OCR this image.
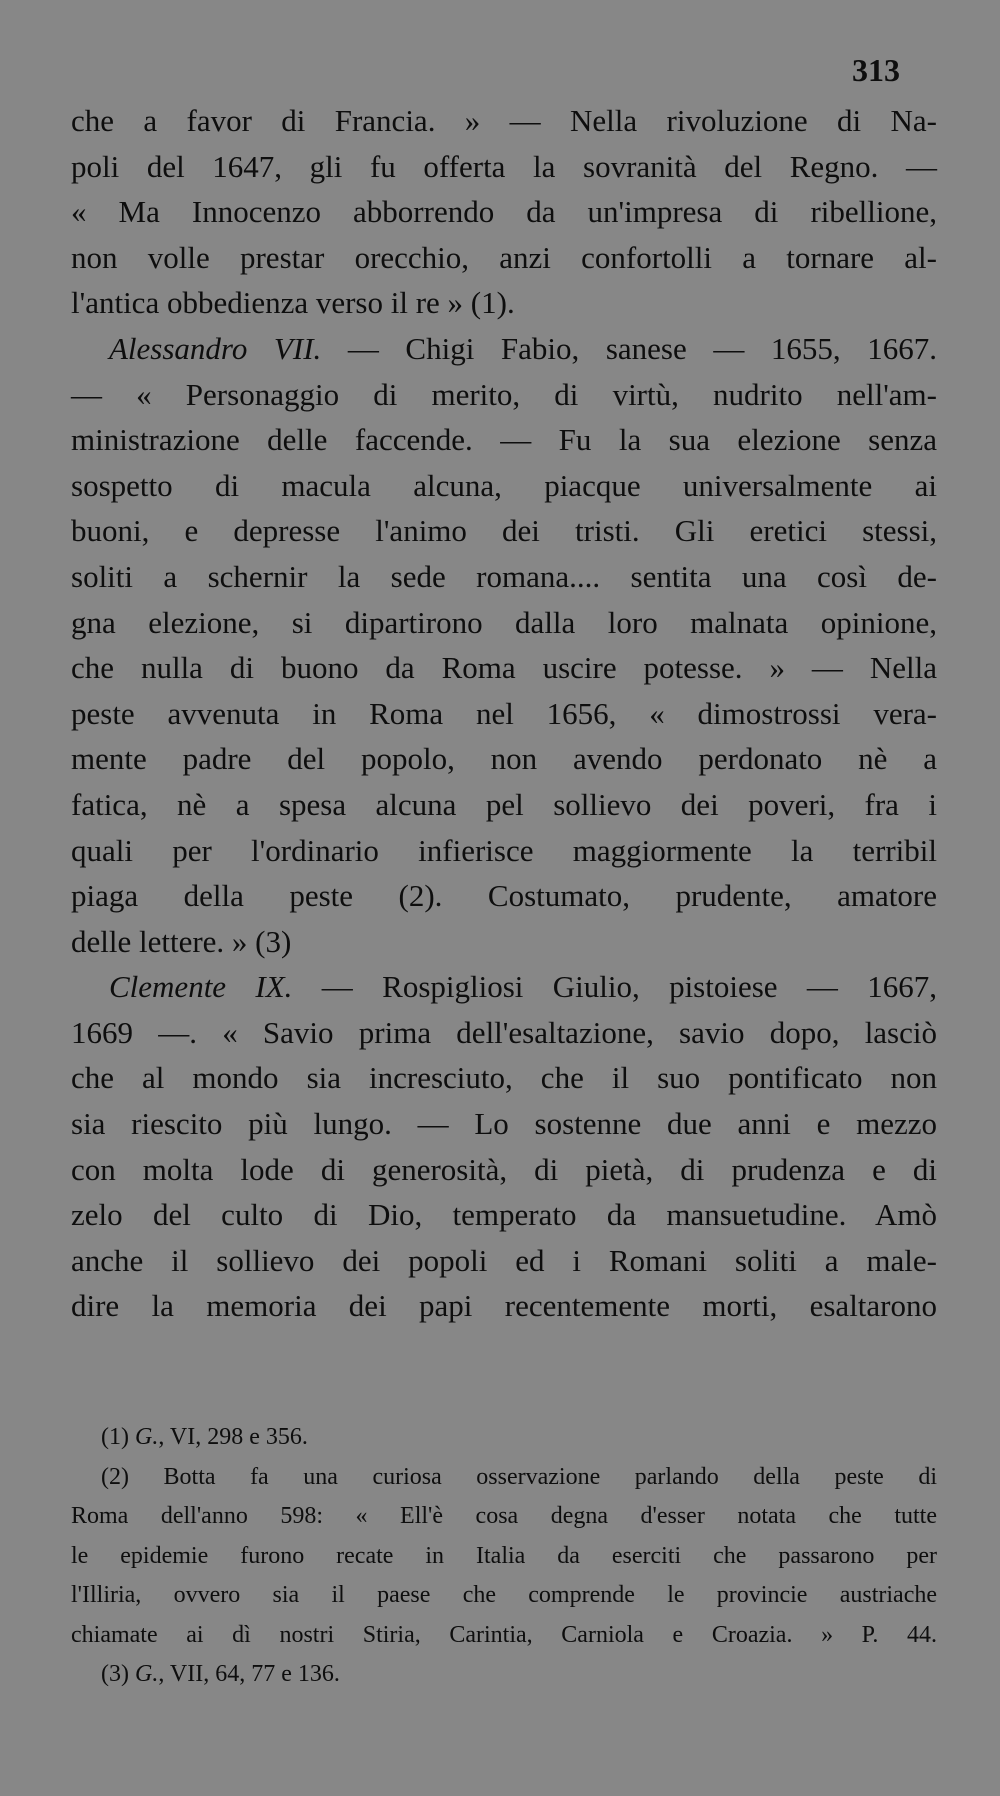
313
che a favor di Francia. » — Nella rivoluzione di Na-
poli del 1647, gli fu offerta la sovranità del Regno. —
« Ma Innocenzo abborrendo da un'impresa di ribellione,
non volle prestar orecchio, anzi confortolli a tornare al-
l'antica obbedienza verso il re » (1).
Alessandro VII. — Chigi Fabio, sanese — 1655, 1667.
— « Personaggio di merito, di virtù, nudrito nell'am-
ministrazione delle faccende. — Fu la sua elezione senza
sospetto di macula alcuna, piacque universalmente ai
buoni, e depresse l'animo dei tristi. Gli eretici stessi,
soliti a schernir la sede romana.... sentita una così de-
gna elezione, si dipartirono dalla loro malnata opinione,
che nulla di buono da Roma uscire potesse. » — Nella
peste avvenuta in Roma nel 1656, « dimostrossi vera-
mente padre del popolo, non avendo perdonato nè a
fatica, nè a spesa alcuna pel sollievo dei poveri, fra i
quali per l'ordinario infierisce maggiormente la terribil
piaga della peste (2). Costumato, prudente, amatore
delle lettere. » (3)
Clemente IX. — Rospigliosi Giulio, pistoiese — 1667,
1669 —. « Savio prima dell'esaltazione, savio dopo, lasciò
che al mondo sia incresciuto, che il suo pontificato non
sia riescito più lungo. — Lo sostenne due anni e mezzo
con molta lode di generosità, di pietà, di prudenza e di
zelo del culto di Dio, temperato da mansuetudine. Amò
anche il sollievo dei popoli ed i Romani soliti a male-
dire la memoria dei papi recentemente morti, esaltarono
(1) G., VI, 298 e 356.
(2) Botta fa una curiosa osservazione parlando della peste di
Roma dell'anno 598: « Ell'è cosa degna d'esser notata che tutte
le epidemie furono recate in Italia da eserciti che passarono per
l'Illiria, ovvero sia il paese che comprende le provincie austriache
chiamate ai dì nostri Stiria, Carintia, Carniola e Croazia. » P. 44.
(3) G., VII, 64, 77 e 136.
